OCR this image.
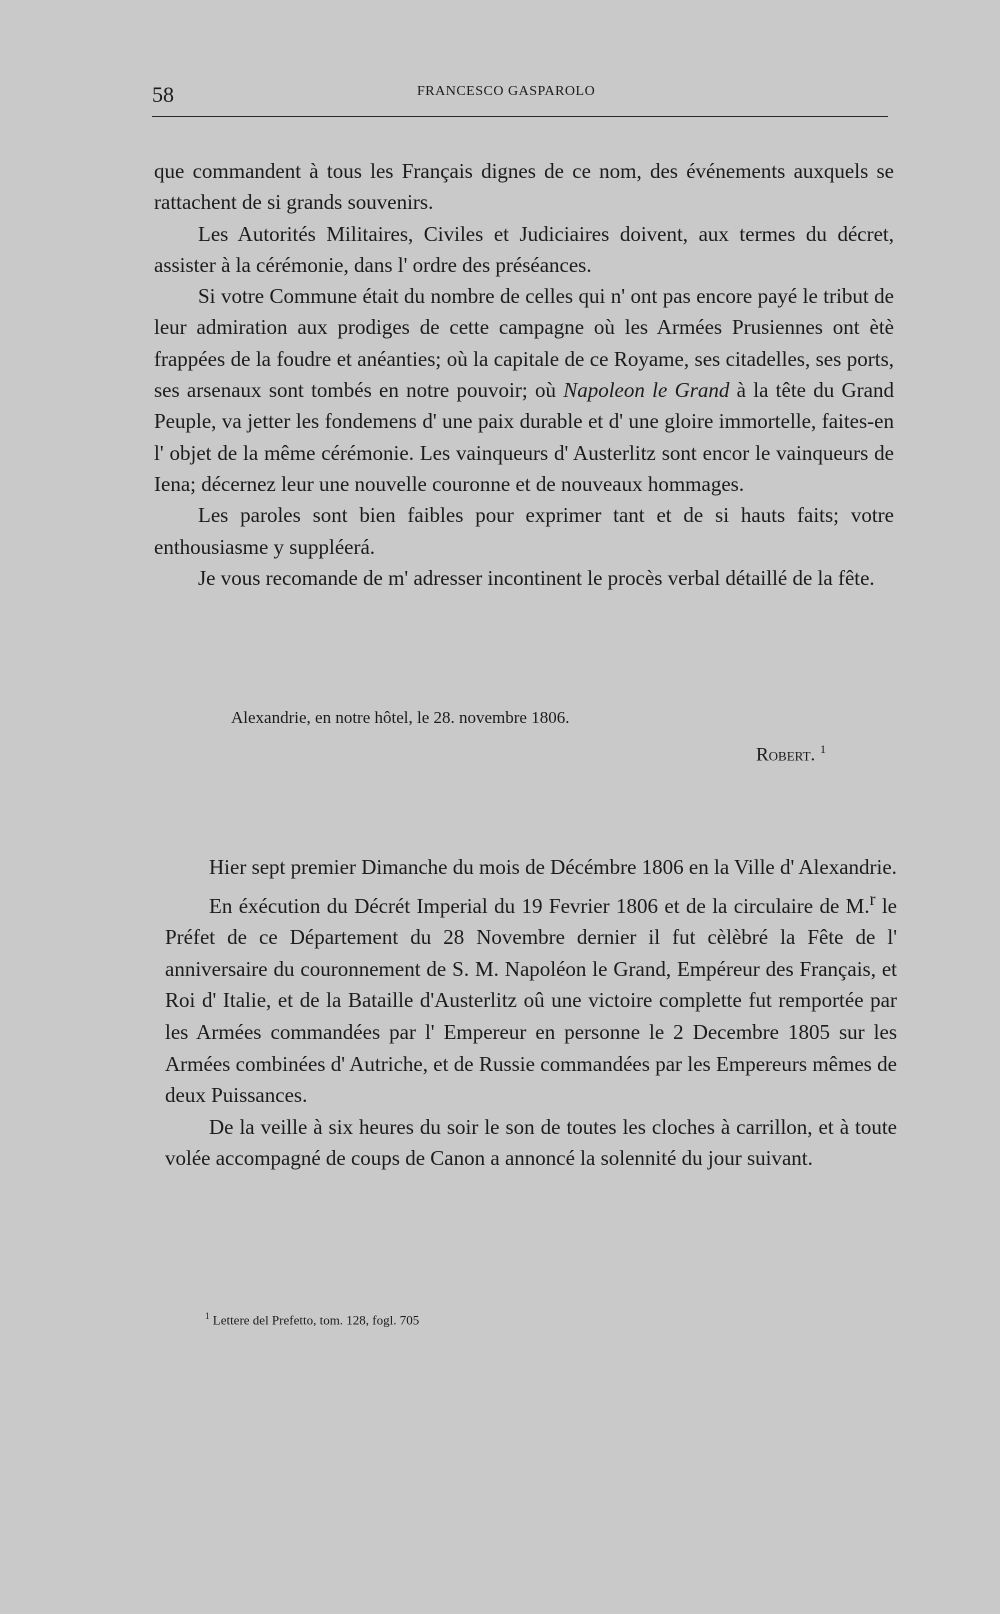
58	FRANCESCO GASPAROLO

que commandent à tous les Français dignes de ce nom, des événements auxquels se rattachent de si grands souvenirs.

Les Autorités Militaires, Civiles et Judiciaires doivent, aux termes du décret, assister à la cérémonie, dans l' ordre des préséances.

Si votre Commune était du nombre de celles qui n' ont pas encore payé le tribut de leur admiration aux prodiges de cette campagne où les Armées Prusiennes ont ètè frappées de la foudre et anéanties; où la capitale de ce Royame, ses citadelles, ses ports, ses arsenaux sont tombés en notre pouvoir; où Napoleon le Grand à la tête du Grand Peuple, va jetter les fondemens d' une paix durable et d' une gloire immortelle, faites-en l' objet de la même cérémonie. Les vainqueurs d' Austerlitz sont encor le vainqueurs de Iena; décernez leur une nouvelle couronne et de nouveaux hommages.

Les paroles sont bien faibles pour exprimer tant et de si hauts faits; votre enthousiasme y suppléerá.

Je vous recomande de m' adresser incontinent le procès verbal détaillé de la fête.

Alexandrie, en notre hôtel, le 28. novembre 1806.
Robert. $^1$

Hier sept premier Dimanche du mois de Décémbre 1806 en la Ville d' Alexandrie.

En éxécution du Décrét Imperial du 19 Fevrier 1806 et de la circulaire de M.$^r$ le Préfet de ce Département du 28 Novembre dernier il fut cèlèbré la Fête de l' anniversaire du couronnement de S. M. Napoléon le Grand, Empéreur des Français, et Roi d' Italie, et de la Bataille d'Austerlitz oû une victoire complette fut remportée par les Armées commandées par l' Empereur en personne le 2 Decembre 1805 sur les Armées combinées d' Autriche, et de Russie commandées par les Empereurs mêmes de deux Puissances.

De la veille à six heures du soir le son de toutes les cloches à carrillon, et à toute volée accompagné de coups de Canon a annoncé la solennité du jour suivant.

$^1$ Lettere del Prefetto, tom. 128, fogl. 705
